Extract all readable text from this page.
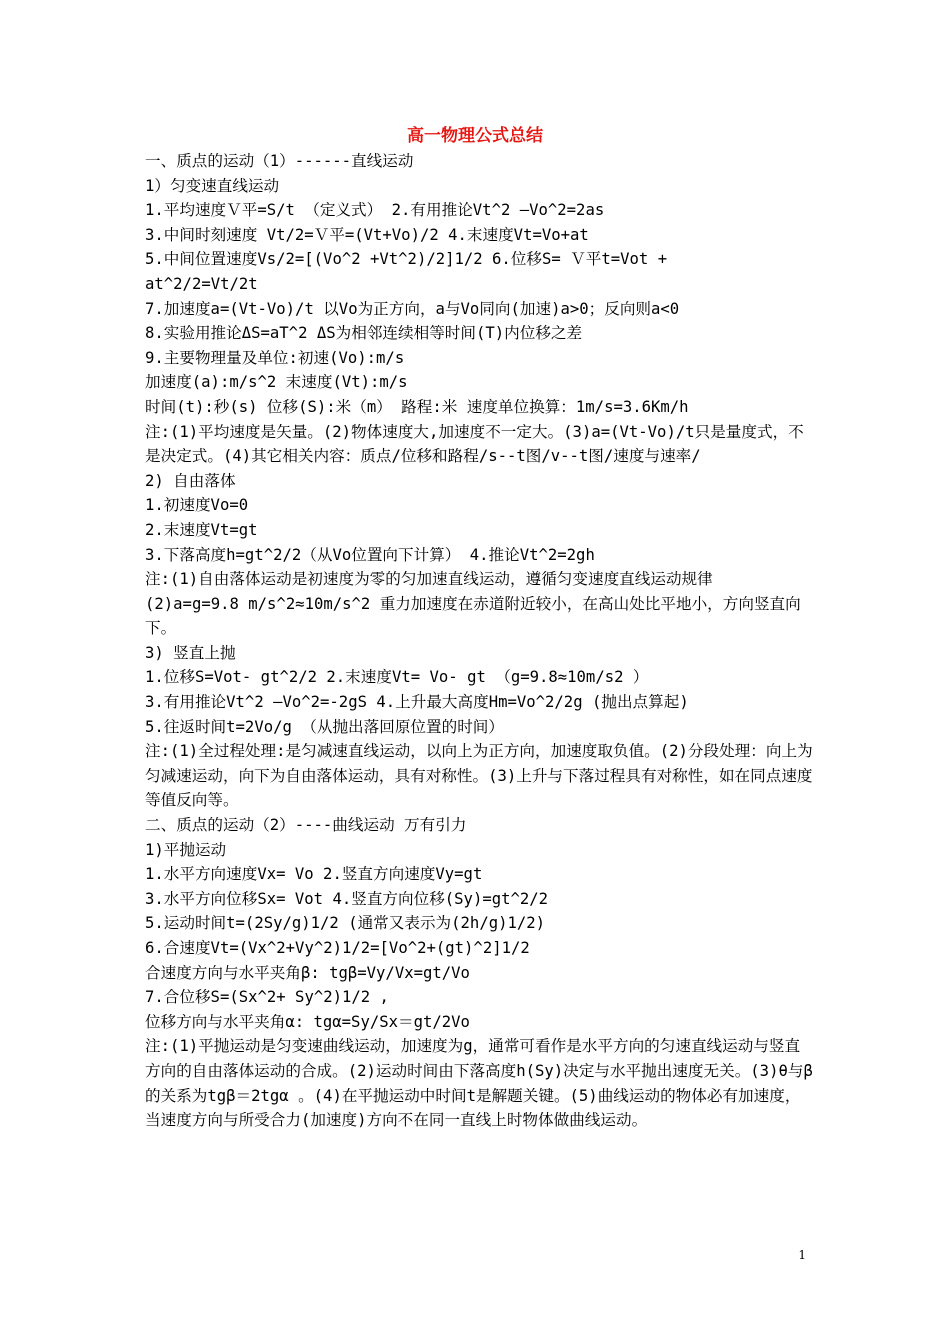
高一物理公式总结

一、质点的运动（1）------直线运动

1）匀变速直线运动

1.平均速度Ｖ平=S/t （定义式） 2.有用推论Vt^2 –Vo^2=2as

3.中间时刻速度 Vt/2=Ｖ平=(Vt+Vo)/2 4.末速度Vt=Vo+at

5.中间位置速度Vs/2=[(Vo^2 +Vt^2)/2]1/2 6.位移S= Ｖ平t=Vot +

at^2/2=Vt/2t

7.加速度a=(Vt-Vo)/t 以Vo为正方向，a与Vo同向(加速)a>0；反向则a<0

8.实验用推论ΔS=aT^2 ΔS为相邻连续相等时间(T)内位移之差

9.主要物理量及单位:初速(Vo):m/s

加速度(a):m/s^2 末速度(Vt):m/s

时间(t):秒(s) 位移(S):米（m） 路程:米 速度单位换算：1m/s=3.6Km/h

注:(1)平均速度是矢量。(2)物体速度大,加速度不一定大。(3)a=(Vt-Vo)/t只是量度式，不是决定式。(4)其它相关内容：质点/位移和路程/s--t图/v--t图/速度与速率/

2) 自由落体

1.初速度Vo=0

2.末速度Vt=gt

3.下落高度h=gt^2/2（从Vo位置向下计算） 4.推论Vt^2=2gh

注:(1)自由落体运动是初速度为零的匀加速直线运动，遵循匀变速度直线运动规律

(2)a=g=9.8 m/s^2≈10m/s^2 重力加速度在赤道附近较小，在高山处比平地小，方向竖直向下。

3) 竖直上抛

1.位移S=Vot- gt^2/2 2.末速度Vt= Vo- gt （g=9.8≈10m/s2 ）

3.有用推论Vt^2 –Vo^2=-2gS 4.上升最大高度Hm=Vo^2/2g (抛出点算起)

5.往返时间t=2Vo/g （从抛出落回原位置的时间）

注:(1)全过程处理:是匀减速直线运动，以向上为正方向，加速度取负值。(2)分段处理：向上为匀减速运动，向下为自由落体运动，具有对称性。(3)上升与下落过程具有对称性，如在同点速度等值反向等。

二、质点的运动（2）----曲线运动 万有引力

1)平抛运动

1.水平方向速度Vx= Vo 2.竖直方向速度Vy=gt

3.水平方向位移Sx= Vot 4.竖直方向位移(Sy)=gt^2/2

5.运动时间t=(2Sy/g)1/2 (通常又表示为(2h/g)1/2)

6.合速度Vt=(Vx^2+Vy^2)1/2=[Vo^2+(gt)^2]1/2

合速度方向与水平夹角β: tgβ=Vy/Vx=gt/Vo

7.合位移S=(Sx^2+ Sy^2)1/2 ,

位移方向与水平夹角α: tgα=Sy/Sx＝gt/2Vo

注:(1)平抛运动是匀变速曲线运动，加速度为g，通常可看作是水平方向的匀速直线运动与竖直方向的自由落体运动的合成。(2)运动时间由下落高度h(Sy)决定与水平抛出速度无关。(3)θ与β的关系为tgβ＝2tgα 。(4)在平抛运动中时间t是解题关键。(5)曲线运动的物体必有加速度，当速度方向与所受合力(加速度)方向不在同一直线上时物体做曲线运动。

1
